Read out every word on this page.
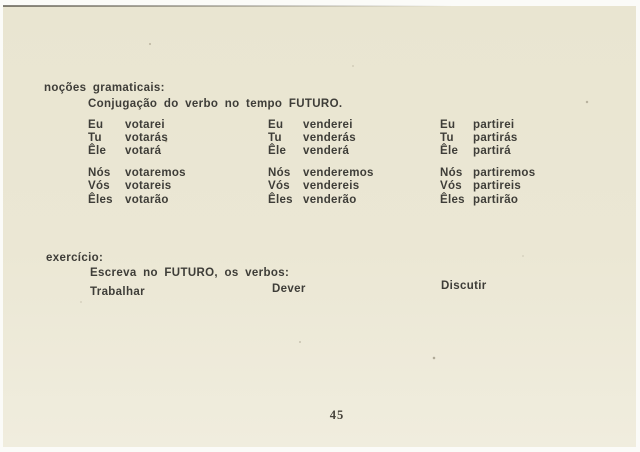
noções gramaticais:
Conjugação do verbo no tempo FUTURO.
Eu	votarei
Tu	votarás
Êle	votará
Nós	votaremos
Vós	votareis
Êles	votarão
Eu	venderei
Tu	venderás
Êle	venderá
Nós	venderemos
Vós	vendereis
Êles venderão
Eu	partirei
Tu	partirás
Êle	partirá
Nós partiremos
Vós partireis
Êles partirão
exercício:
Escreva no FUTURO, os verbos:
Trabalhar	Dever	Discutir
45
